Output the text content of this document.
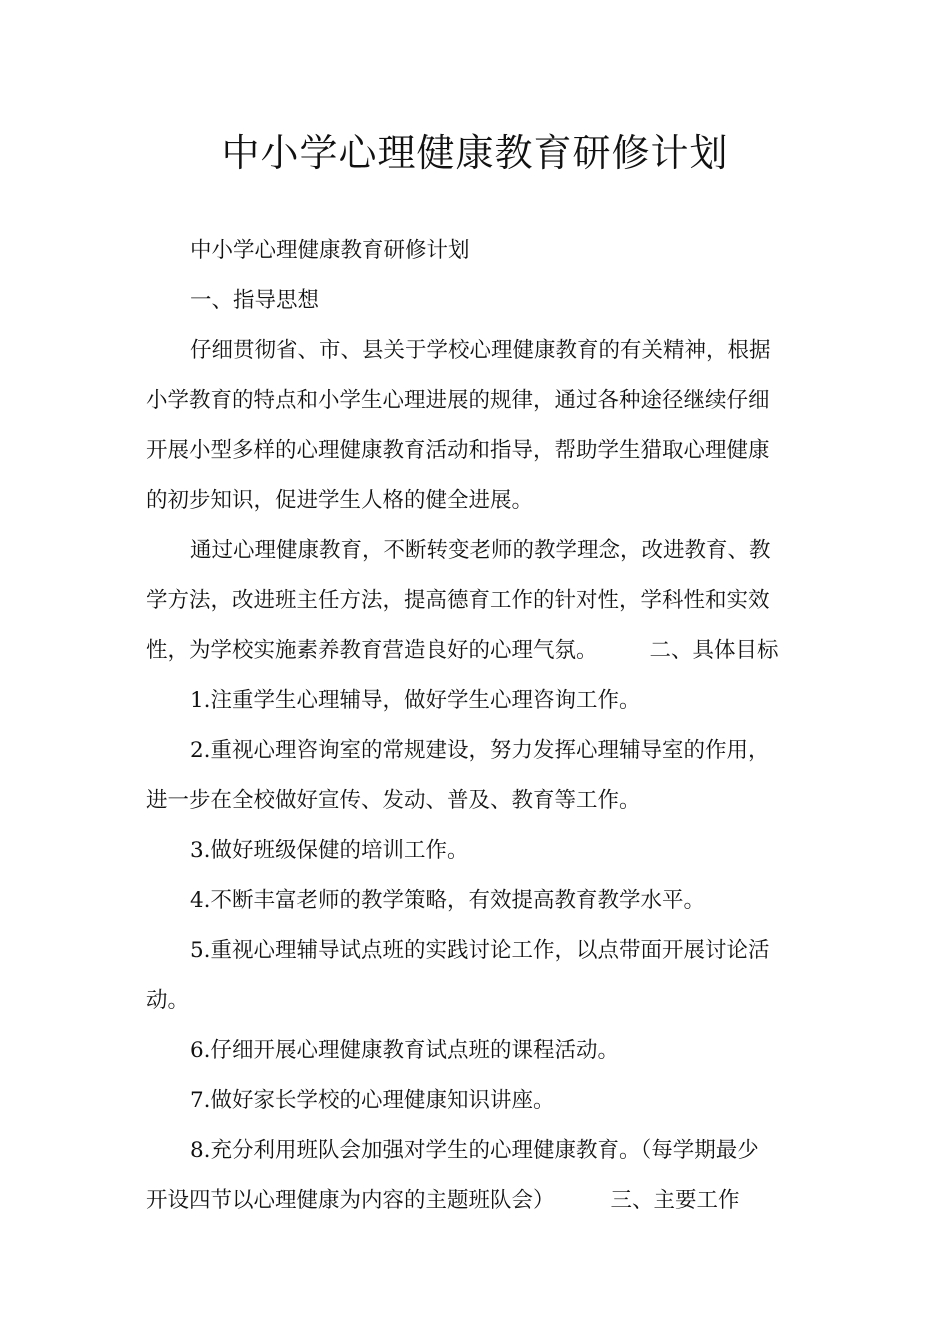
中小学心理健康教育研修计划
中小学心理健康教育研修计划
一、指导思想
仔细贯彻省、市、县关于学校心理健康教育的有关精神，根据
小学教育的特点和小学生心理进展的规律，通过各种途径继续仔细
开展小型多样的心理健康教育活动和指导，帮助学生猎取心理健康
的初步知识，促进学生人格的健全进展。
通过心理健康教育，不断转变老师的教学理念，改进教育、教
学方法，改进班主任方法，提高德育工作的针对性，学科性和实效
性，为学校实施素养教育营造良好的心理气氛。 二、具体目标
1.注重学生心理辅导，做好学生心理咨询工作。
2.重视心理咨询室的常规建设，努力发挥心理辅导室的作用，
进一步在全校做好宣传、发动、普及、教育等工作。
3.做好班级保健的培训工作。
4.不断丰富老师的教学策略，有效提高教育教学水平。
5.重视心理辅导试点班的实践讨论工作，以点带面开展讨论活
动。
6.仔细开展心理健康教育试点班的课程活动。
7.做好家长学校的心理健康知识讲座。
8.充分利用班队会加强对学生的心理健康教育。（每学期最少
开设四节以心理健康为内容的主题班队会）	三、主要工作
